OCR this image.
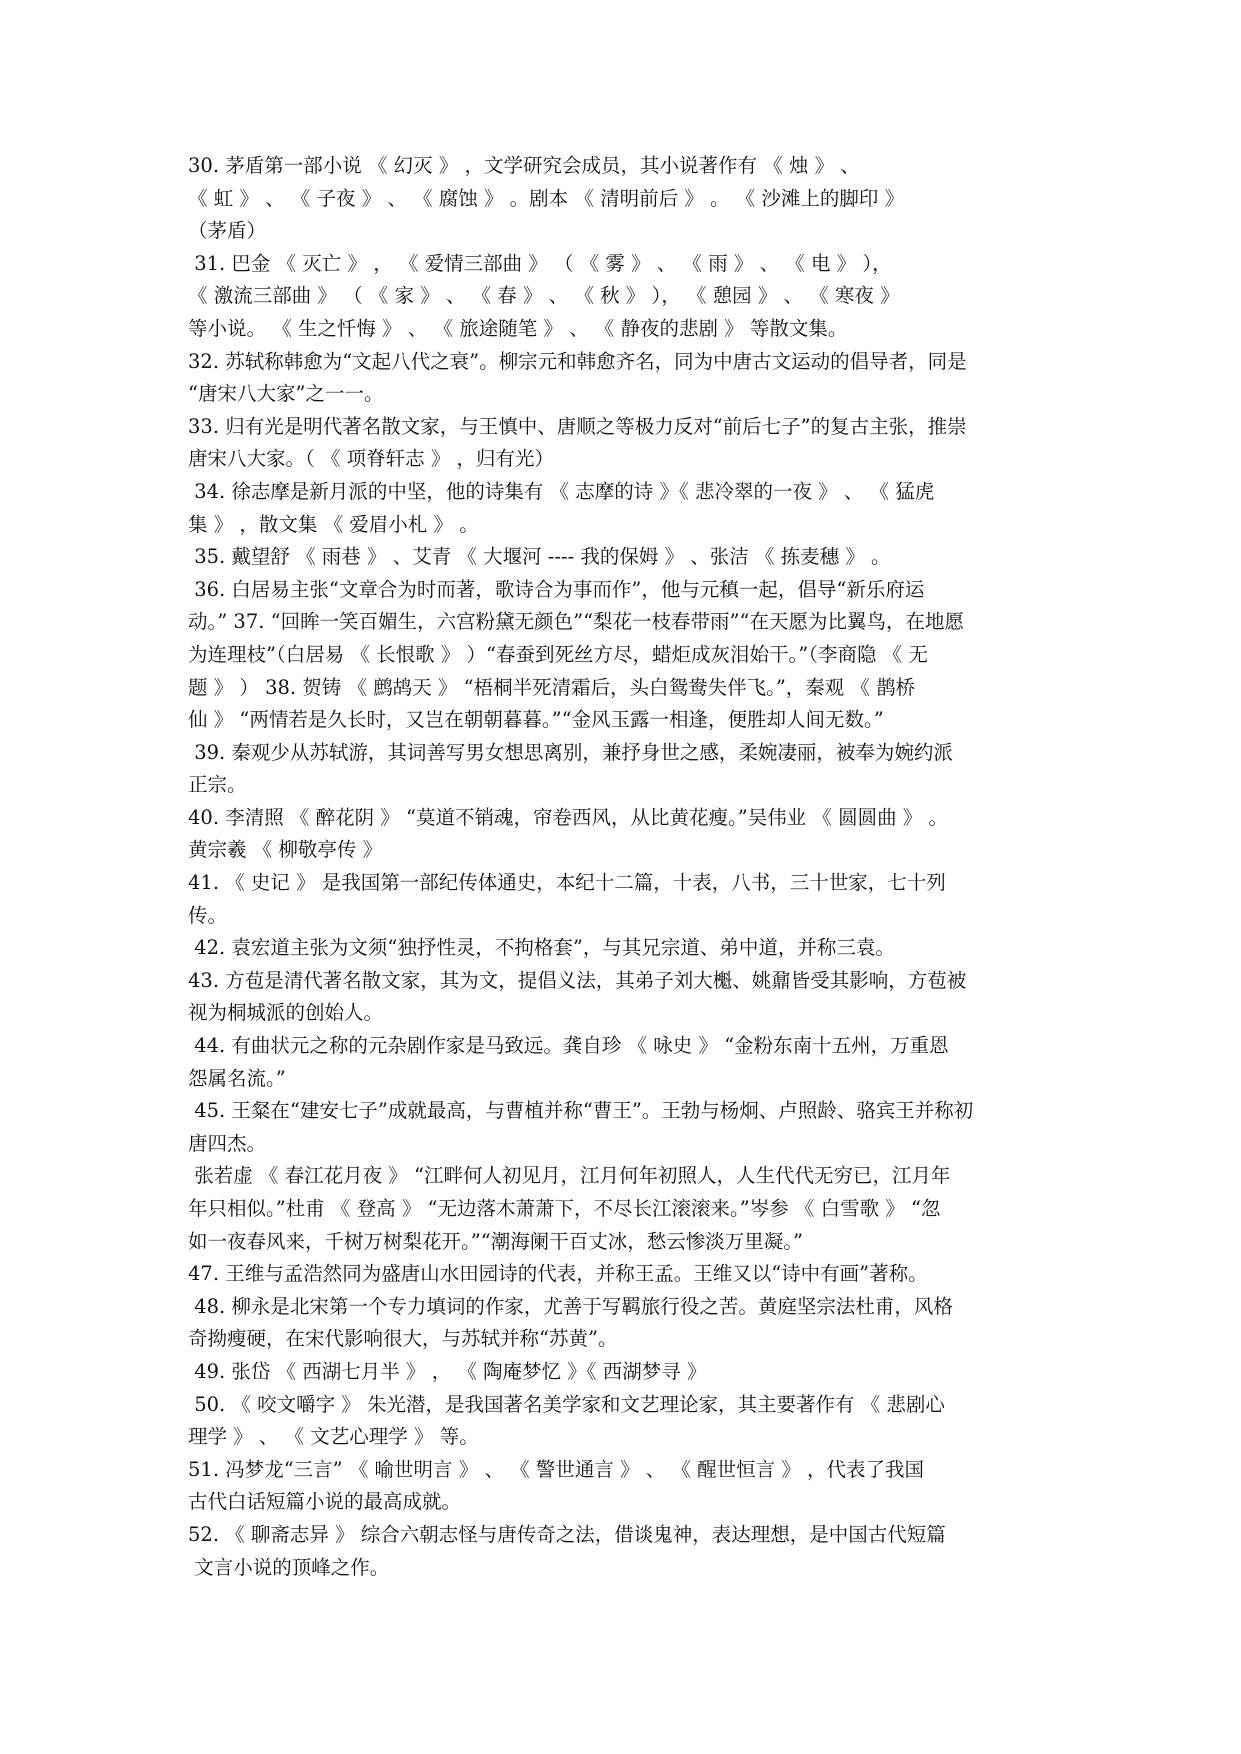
30. 茅盾第一部小说 《 幻灭 》 ，文学研究会成员，其小说著作有 《 烛 》 、
《 虹 》 、 《 子夜 》 、 《 腐蚀 》 。剧本 《 清明前后 》 。 《 沙滩上的脚印 》
（茅盾）
31. 巴金 《 灭亡 》 ， 《 爱情三部曲 》 （ 《 雾 》 、 《 雨 》 、 《 电 》 ），
《 激流三部曲 》 （ 《 家 》 、 《 春 》 、 《 秋 》 ）， 《 憩园 》 、 《 寒夜 》
等小说。 《 生之忏悔 》 、 《 旅途随笔 》 、 《 静夜的悲剧 》 等散文集。
32. 苏轼称韩愈为“文起八代之衰”。柳宗元和韩愈齐名，同为中唐古文运动的倡导者，同是
“唐宋八大家”之一一。
33. 归有光是明代著名散文家，与王慎中、唐顺之等极力反对“前后七子”的复古主张，推崇
唐宋八大家。（ 《 项脊轩志 》 ，归有光）
34. 徐志摩是新月派的中坚，他的诗集有 《 志摩的诗 》《 悲冷翠的一夜 》 、 《 猛虎
集 》 ，散文集 《 爱眉小札 》 。
35. 戴望舒 《 雨巷 》 、艾青 《 大堰河 ---- 我的保姆 》 、张洁 《 拣麦穗 》 。
36. 白居易主张“文章合为时而著，歌诗合为事而作”，他与元稹一起，倡导“新乐府运
动。” 37. “回眸一笑百媚生，六宫粉黛无颜色”“梨花一枝春带雨”“在天愿为比翼鸟，在地愿
为连理枝”（白居易 《 长恨歌 》 ）“春蚕到死丝方尽，蜡炬成灰泪始干。”（李商隐 《 无
题 》 ） 38. 贺铸 《 鹧鸪天 》 “梧桐半死清霜后，头白鸳鸯失伴飞。”，秦观 《 鹊桥
仙 》 “两情若是久长时，又岂在朝朝暮暮。”“金风玉露一相逢，便胜却人间无数。”
39. 秦观少从苏轼游，其词善写男女想思离别，兼抒身世之感，柔婉凄丽，被奉为婉约派
正宗。
40. 李清照 《 醉花阴 》 “莫道不销魂，帘卷西风，从比黄花瘦。”吴伟业 《 圆圆曲 》 。
黄宗羲 《 柳敬亭传 》
41. 《 史记 》 是我国第一部纪传体通史，本纪十二篇，十表，八书，三十世家，七十列
传。
42. 袁宏道主张为文须“独抒性灵，不拘格套”，与其兄宗道、弟中道，并称三袁。
43. 方苞是清代著名散文家，其为文，提倡义法，其弟子刘大櫆、姚鼐皆受其影响，方苞被
视为桐城派的创始人。
44. 有曲状元之称的元杂剧作家是马致远。龚自珍 《 咏史 》 “金粉东南十五州，万重恩
怨属名流。”
45. 王粲在“建安七子”成就最高，与曹植并称“曹王”。王勃与杨炯、卢照龄、骆宾王并称初
唐四杰。
张若虚 《 春江花月夜 》 “江畔何人初见月，江月何年初照人，人生代代无穷已，江月年
年只相似。”杜甫 《 登高 》 “无边落木萧萧下，不尽长江滚滚来。”岑参 《 白雪歌 》 “忽
如一夜春风来，千树万树梨花开。”“潮海阑干百丈冰，愁云惨淡万里凝。”
47. 王维与孟浩然同为盛唐山水田园诗的代表，并称王孟。王维又以“诗中有画”著称。
48. 柳永是北宋第一个专力填词的作家，尤善于写羁旅行役之苦。黄庭坚宗法杜甫，风格
奇拗瘦硬，在宋代影响很大，与苏轼并称“苏黄”。
49. 张岱 《 西湖七月半 》 ， 《 陶庵梦忆 》《 西湖梦寻 》
50. 《 咬文嚼字 》 朱光潜，是我国著名美学家和文艺理论家，其主要著作有 《 悲剧心
理学 》 、 《 文艺心理学 》 等。
51. 冯梦龙“三言” 《 喻世明言 》 、 《 警世通言 》 、 《 醒世恒言 》 ，代表了我国
古代白话短篇小说的最高成就。
52. 《 聊斋志异 》 综合六朝志怪与唐传奇之法，借谈鬼神，表达理想，是中国古代短篇
文言小说的顶峰之作。
